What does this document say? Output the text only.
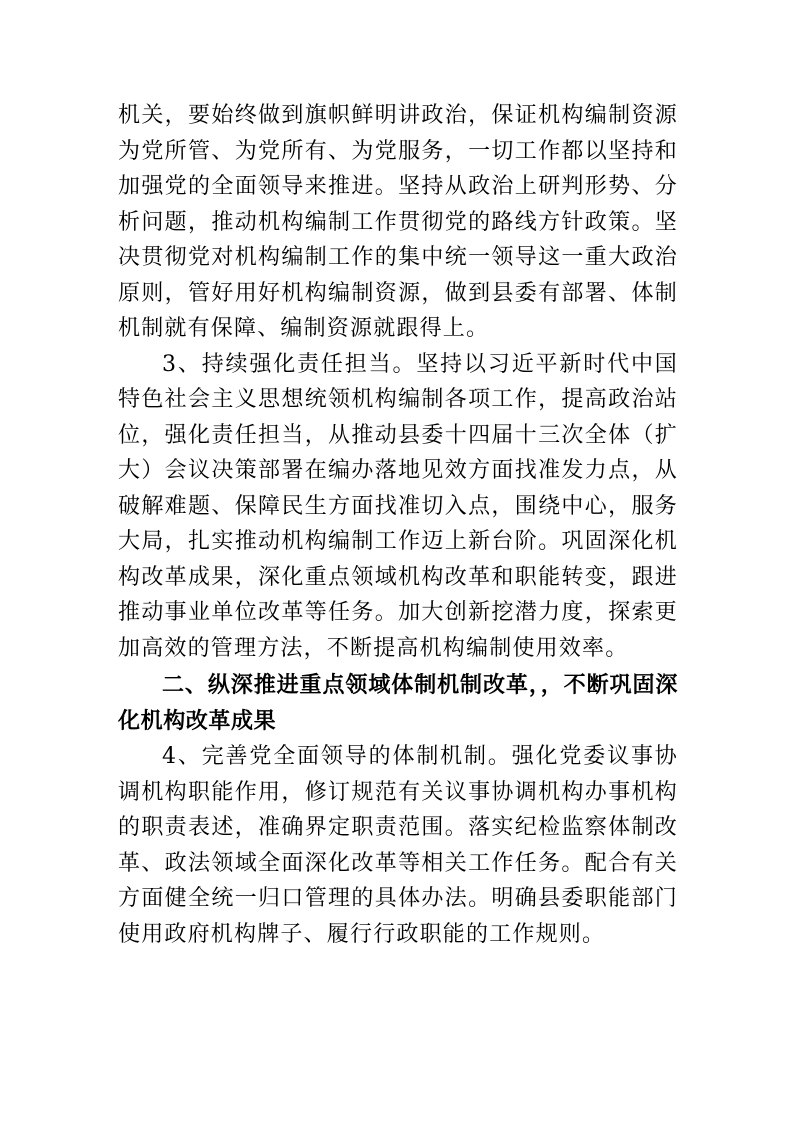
机关，要始终做到旗帜鲜明讲政治，保证机构编制资源为党所管、为党所有、为党服务，一切工作都以坚持和加强党的全面领导来推进。坚持从政治上研判形势、分析问题，推动机构编制工作贯彻党的路线方针政策。坚决贯彻党对机构编制工作的集中统一领导这一重大政治原则，管好用好机构编制资源，做到县委有部署、体制机制就有保障、编制资源就跟得上。

3、持续强化责任担当。坚持以习近平新时代中国特色社会主义思想统领机构编制各项工作，提高政治站位，强化责任担当，从推动县委十四届十三次全体（扩大）会议决策部署在编办落地见效方面找准发力点，从破解难题、保障民生方面找准切入点，围绕中心，服务大局，扎实推动机构编制工作迈上新台阶。巩固深化机构改革成果，深化重点领域机构改革和职能转变，跟进推动事业单位改革等任务。加大创新挖潜力度，探索更加高效的管理方法，不断提高机构编制使用效率。

二、纵深推进重点领域体制机制改革，，不断巩固深化机构改革成果

4、完善党全面领导的体制机制。强化党委议事协调机构职能作用，修订规范有关议事协调机构办事机构的职责表述，准确界定职责范围。落实纪检监察体制改革、政法领域全面深化改革等相关工作任务。配合有关方面健全统一归口管理的具体办法。明确县委职能部门使用政府机构牌子、履行行政职能的工作规则。
